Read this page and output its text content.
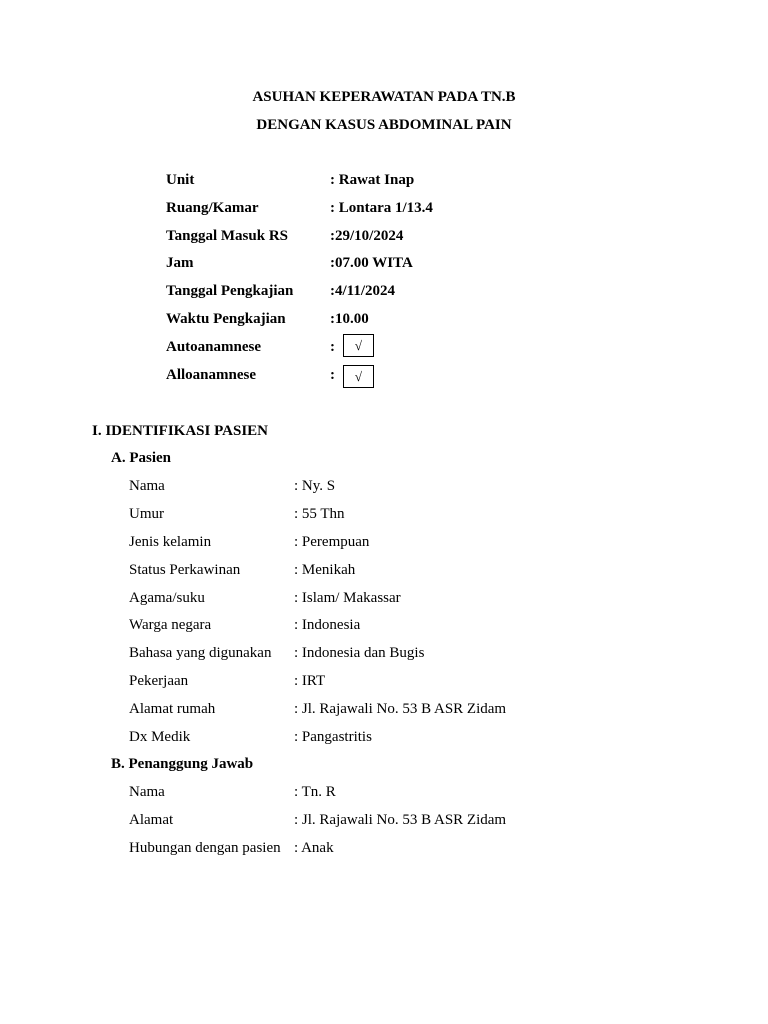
ASUHAN KEPERAWATAN PADA TN.B
DENGAN KASUS ABDOMINAL PAIN
Unit	: Rawat Inap
Ruang/Kamar	: Lontara 1/13.4
Tanggal Masuk RS	:29/10/2024
Jam	:07.00 WITA
Tanggal Pengkajian :4/11/2024
Waktu Pengkajian	:10.00
Autoanamnese	:	√
Alloanamnese	:	√
I. IDENTIFIKASI PASIEN
A. Pasien
Nama	: Ny. S
Umur	: 55 Thn
Jenis kelamin	: Perempuan
Status Perkawinan	: Menikah
Agama/suku	: Islam/ Makassar
Warga negara	: Indonesia
Bahasa yang digunakan : Indonesia dan Bugis
Pekerjaan	: IRT
Alamat rumah	: Jl. Rajawali No. 53 B ASR Zidam
Dx Medik	: Pangastritis
B. Penanggung Jawab
Nama	: Tn. R
Alamat	: Jl. Rajawali No. 53 B ASR Zidam
Hubungan dengan pasien : Anak
